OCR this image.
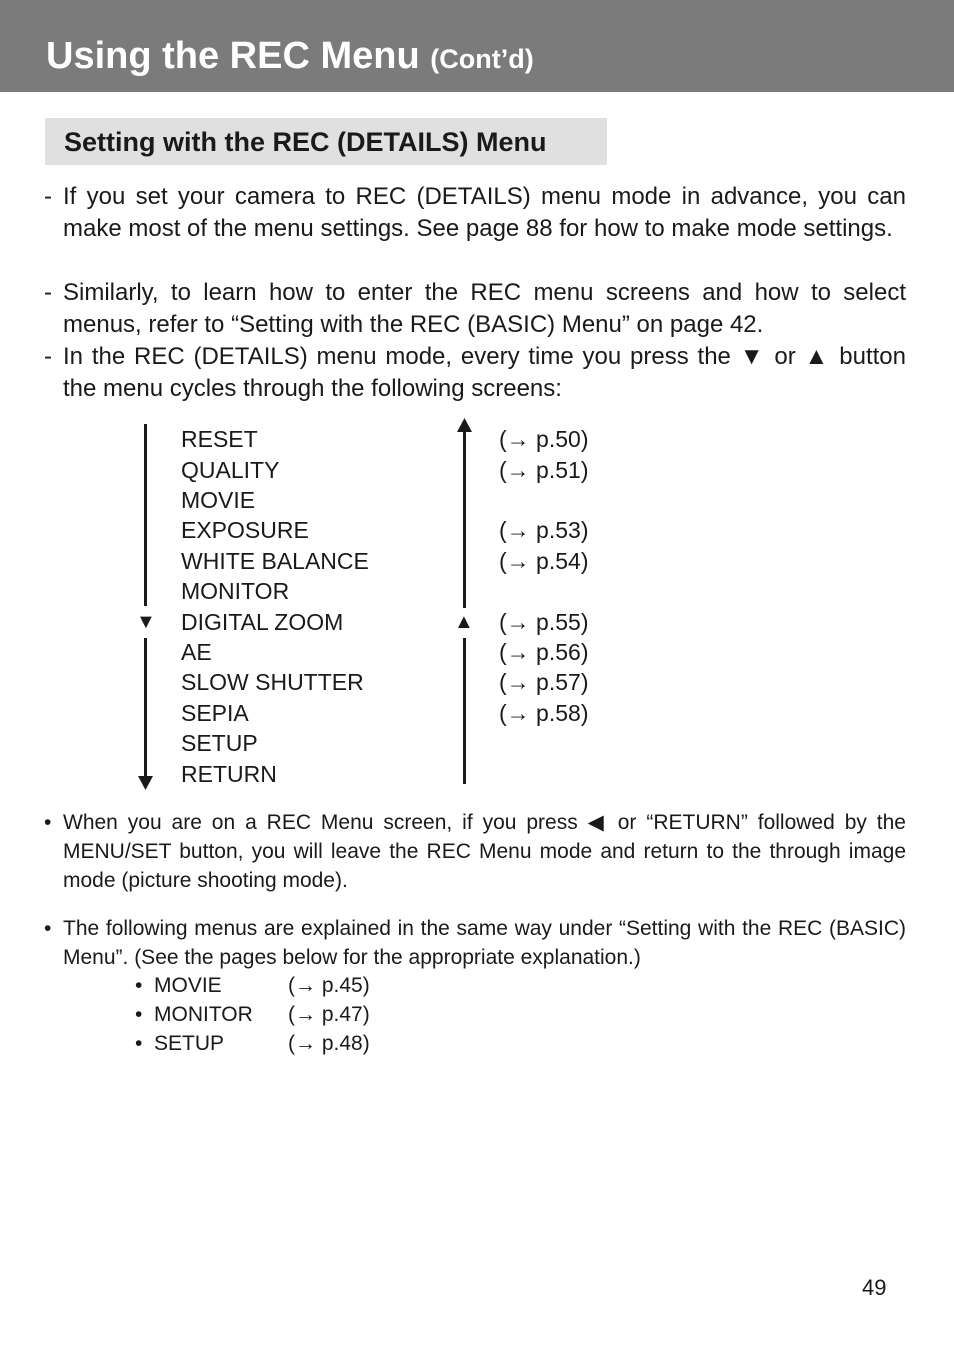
Using the REC Menu (Cont’d)
Setting with the REC (DETAILS) Menu
- If you set your camera to REC (DETAILS) menu mode in advance, you can make most of the menu settings. See page 88 for how to make mode settings.
- Similarly, to learn how to enter the REC menu screens and how to select menus, refer to “Setting with the REC (BASIC) Menu” on page 42.
- In the REC (DETAILS) menu mode, every time you press the ▼ or ▲ button the menu cycles through the following screens:
▼	▲
RESET	(→ p.50)
QUALITY	(→ p.51)
MOVIE
EXPOSURE	(→ p.53)
WHITE BALANCE	(→ p.54)
MONITOR
DIGITAL ZOOM	(→ p.55)
AE	(→ p.56)
SLOW SHUTTER	(→ p.57)
SEPIA	(→ p.58)
SETUP
RETURN
• When you are on a REC Menu screen, if you press ◀ or “RETURN” followed by the MENU/SET button, you will leave the REC Menu mode and return to the through image mode (picture shooting mode).
• The following menus are explained in the same way under “Setting with the REC (BASIC) Menu”. (See the pages below for the appropriate explanation.)
• MOVIE	(→ p.45)
• MONITOR (→ p.47)
• SETUP	(→ p.48)
49
